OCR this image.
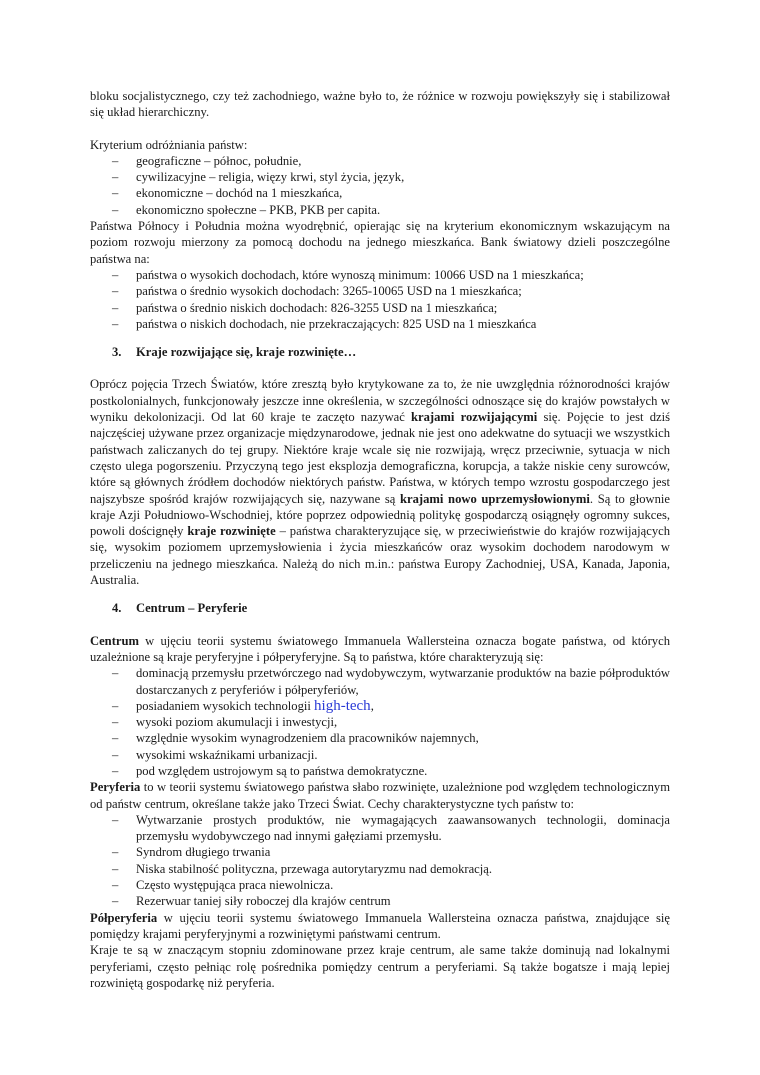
bloku socjalistycznego, czy też zachodniego, ważne było to, że różnice w rozwoju powiększyły się i stabilizował się układ hierarchiczny.

Kryterium odróżniania państw:

– geograficzne – północ, południe,
– cywilizacyjne – religia, więzy krwi, styl życia, język,
– ekonomiczne – dochód na 1 mieszkańca,
– ekonomiczno społeczne – PKB, PKB per capita.

Państwa Północy i Południa można wyodrębnić, opierając się na kryterium ekonomicznym wskazującym na poziom rozwoju mierzony za pomocą dochodu na jednego mieszkańca. Bank światowy dzieli poszczególne państwa na:

– państwa o wysokich dochodach, które wynoszą minimum: 10066 USD na 1 mieszkańca;
– państwa o średnio wysokich dochodach: 3265-10065 USD na 1 mieszkańca;
– państwa o średnio niskich dochodach: 826-3255 USD na 1 mieszkańca;
– państwa o niskich dochodach, nie przekraczających: 825 USD na 1 mieszkańca
3. Kraje rozwijające się, kraje rozwinięte…

Oprócz pojęcia Trzech Światów, które zresztą było krytykowane za to, że nie uwzględnia różnorodności krajów postkolonialnych, funkcjonowały jeszcze inne określenia, w szczególności odnoszące się do krajów powstałych w wyniku dekolonizacji. Od lat 60 kraje te zaczęto nazywać krajami rozwijającymi się. Pojęcie to jest dziś najczęściej używane przez organizacje międzynarodowe, jednak nie jest ono adekwatne do sytuacji we wszystkich państwach zaliczanych do tej grupy. Niektóre kraje wcale się nie rozwijają, wręcz przeciwnie, sytuacja w nich często ulega pogorszeniu. Przyczyną tego jest eksplozja demograficzna, korupcja, a także niskie ceny surowców, które są głównych źródłem dochodów niektórych państw. Państwa, w których tempo wzrostu gospodarczego jest najszybsze spośród krajów rozwijających się, nazywane są krajami nowo uprzemysłowionymi. Są to głownie kraje Azji Południowo-Wschodniej, które poprzez odpowiednią politykę gospodarczą osiągnęły ogromny sukces, powoli doścignęły kraje rozwinięte – państwa charakteryzujące się, w przeciwieństwie do krajów rozwijających się, wysokim poziomem uprzemysłowienia i życia mieszkańców oraz wysokim dochodem narodowym w przeliczeniu na jednego mieszkańca. Należą do nich m.in.: państwa Europy Zachodniej, USA, Kanada, Japonia, Australia.

4. Centrum – Peryferie

Centrum w ujęciu teorii systemu światowego Immanuela Wallersteina oznacza bogate państwa, od których uzależnione są kraje peryferyjne i półperyferyjne. Są to państwa, które charakteryzują się:

– dominacją przemysłu przetwórczego nad wydobywczym, wytwarzanie produktów na bazie półproduktów dostarczanych z peryferiów i półperyferiów,
– posiadaniem wysokich technologii high-tech,
– wysoki poziom akumulacji i inwestycji,
– względnie wysokim wynagrodzeniem dla pracowników najemnych,
– wysokimi wskaźnikami urbanizacji.
– pod względem ustrojowym są to państwa demokratyczne.

Peryferia to w teorii systemu światowego państwa słabo rozwinięte, uzależnione pod względem technologicznym od państw centrum, określane także jako Trzeci Świat. Cechy charakterystyczne tych państw to:

– Wytwarzanie prostych produktów, nie wymagających zaawansowanych technologii, dominacja przemysłu wydobywczego nad innymi gałęziami przemysłu.
– Syndrom długiego trwania
– Niska stabilność polityczna, przewaga autorytaryzmu nad demokracją.
– Często występująca praca niewolnicza.
– Rezerwuar taniej siły roboczej dla krajów centrum

Półperyferia w ujęciu teorii systemu światowego Immanuela Wallersteina oznacza państwa, znajdujące się pomiędzy krajami peryferyjnymi a rozwiniętymi państwami centrum.

Kraje te są w znaczącym stopniu zdominowane przez kraje centrum, ale same także dominują nad lokalnymi peryferiami, często pełniąc rolę pośrednika pomiędzy centrum a peryferiami. Są także bogatsze i mają lepiej rozwiniętą gospodarkę niż peryferia.
